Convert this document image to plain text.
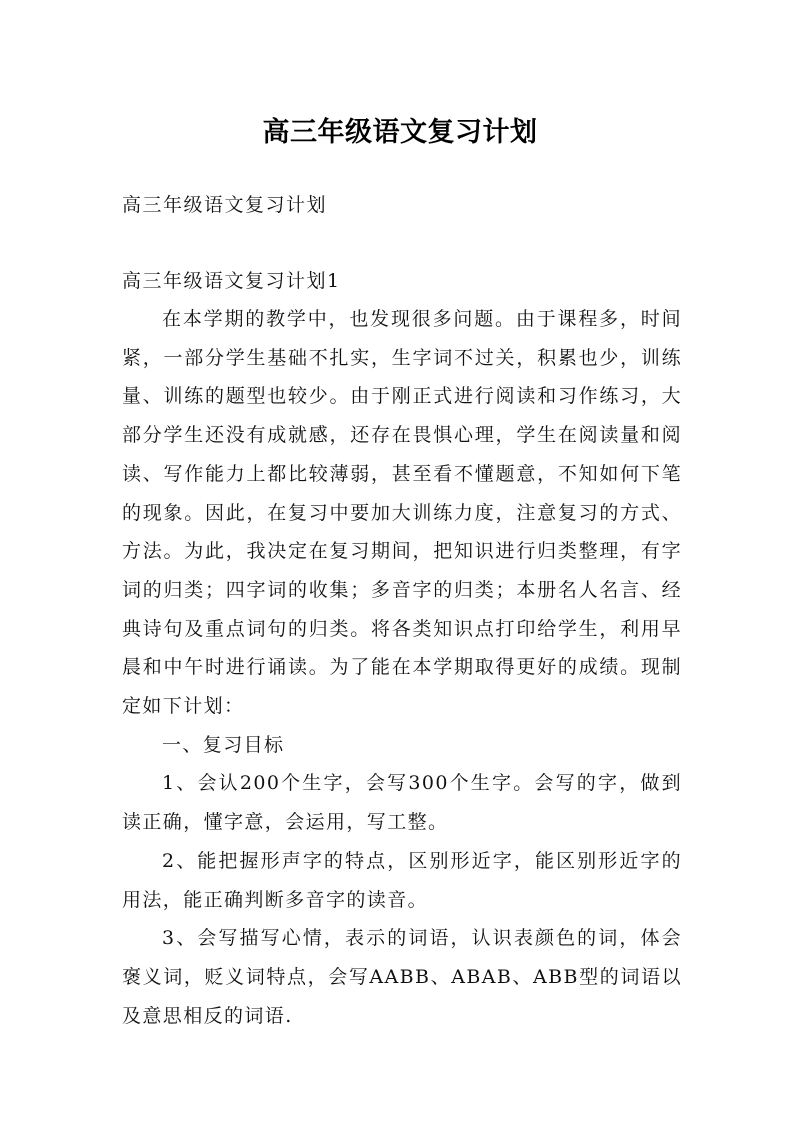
高三年级语文复习计划

高三年级语文复习计划

高三年级语文复习计划1

在本学期的教学中，也发现很多问题。由于课程多，时间紧，一部分学生基础不扎实，生字词不过关，积累也少，训练量、训练的题型也较少。由于刚正式进行阅读和习作练习，大部分学生还没有成就感，还存在畏惧心理，学生在阅读量和阅读、写作能力上都比较薄弱，甚至看不懂题意，不知如何下笔的现象。因此，在复习中要加大训练力度，注意复习的方式、方法。为此，我决定在复习期间，把知识进行归类整理，有字词的归类；四字词的收集；多音字的归类；本册名人名言、经典诗句及重点词句的归类。将各类知识点打印给学生，利用早晨和中午时进行诵读。为了能在本学期取得更好的成绩。现制定如下计划：

一、复习目标

1、会认200个生字，会写300个生字。会写的字，做到读正确，懂字意，会运用，写工整。

2、能把握形声字的特点，区别形近字，能区别形近字的用法，能正确判断多音字的读音。

3、会写描写心情，表示的词语，认识表颜色的词，体会褒义词，贬义词特点，会写AABB、ABAB、ABB型的词语以及意思相反的词语.
